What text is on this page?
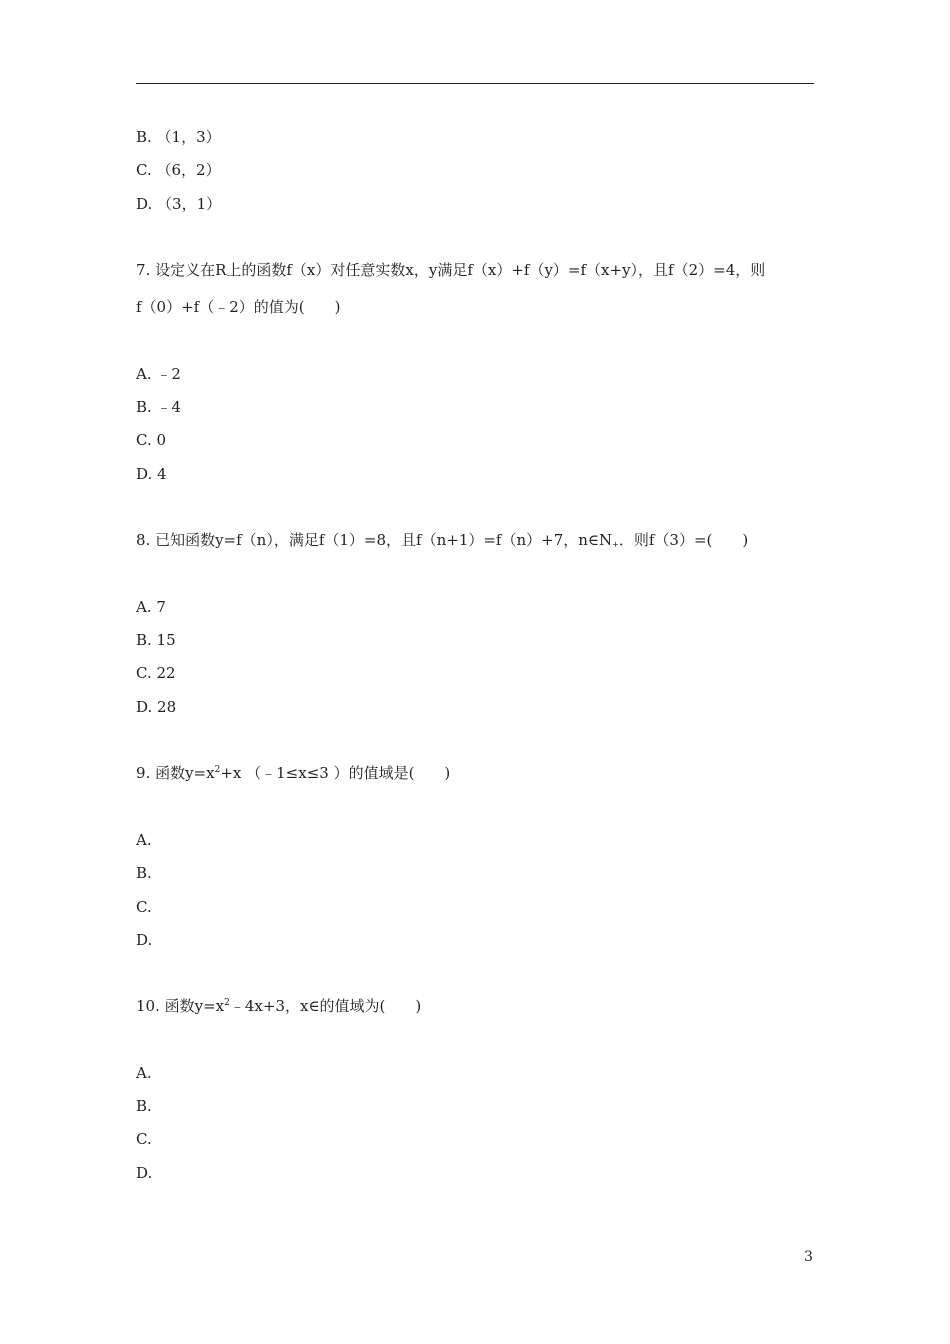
B. （1，3）
C. （6，2）
D. （3，1）
7. 设定义在R上的函数f（x）对任意实数x，y满足f（x）+f（y）=f（x+y），且f（2）=4，则
f（0）+f（﹣2）的值为(　　)
A. ﹣2
B. ﹣4
C. 0
D. 4
8. 已知函数y=f（n），满足f（1）=8，且f（n+1）=f（n）+7，$n\in N_+$．则f（3）=(　　)
A. 7
B. 15
C. 22
D. 28
9. 函数$y=x^2+x$ （﹣1≤x≤3 ）的值域是(　　)
A.
B.
C.
D.
10. 函数$y=x^2﹣4x+3$，x∈的值域为(　　)
A.
B.
C.
D.
3
